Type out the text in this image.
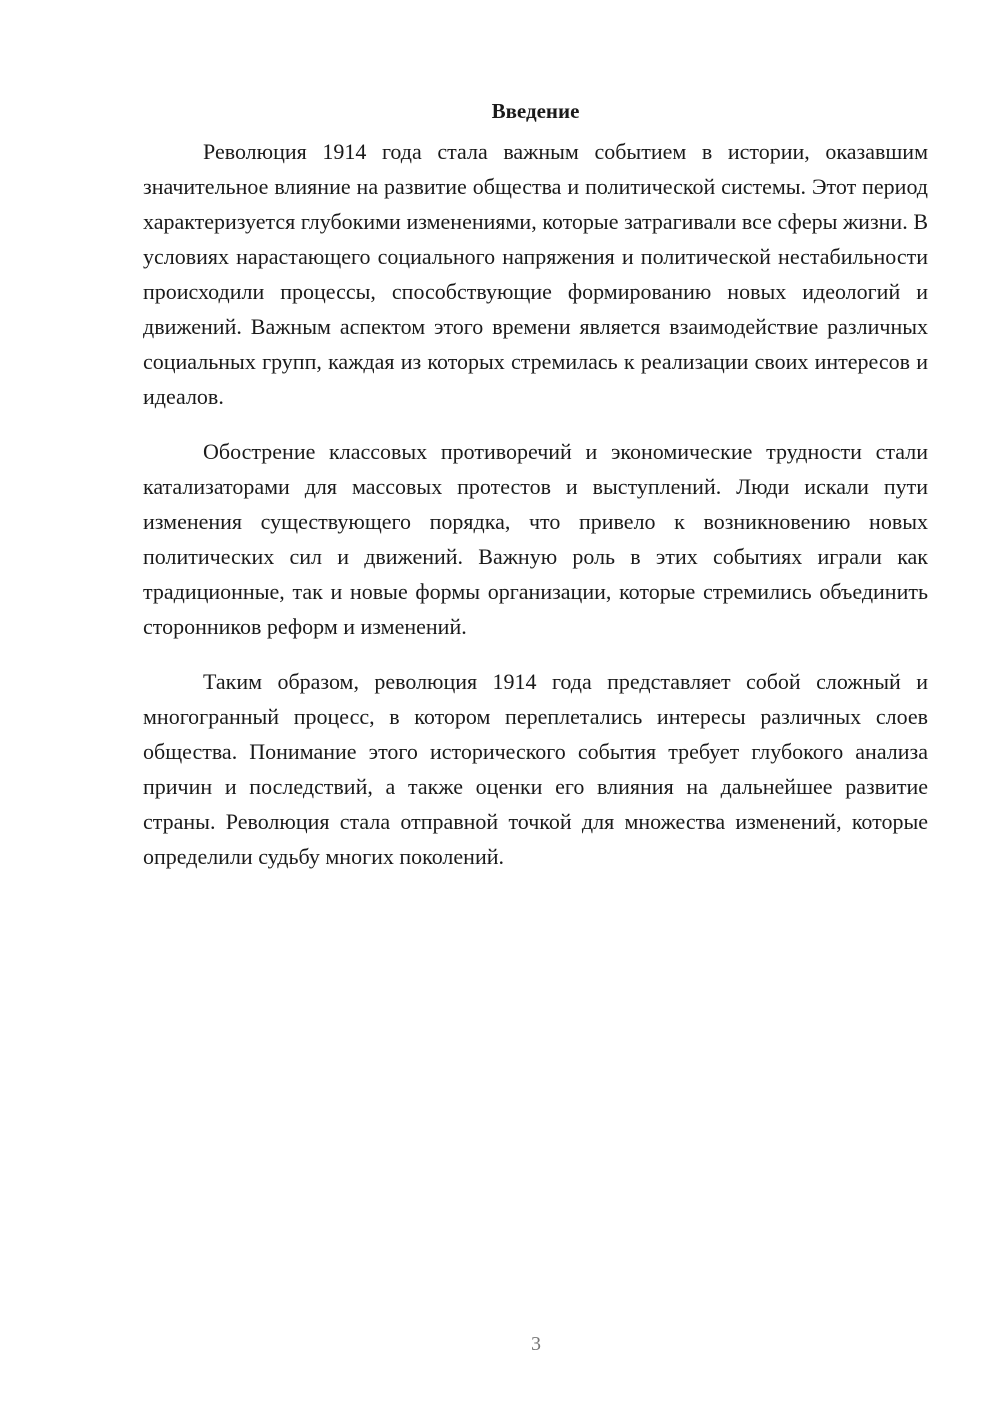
Введение

Революция 1914 года стала важным событием в истории, оказавшим значительное влияние на развитие общества и политической системы. Этот период характеризуется глубокими изменениями, которые затрагивали все сферы жизни. В условиях нарастающего социального напряжения и политической нестабильности происходили процессы, способствующие формированию новых идеологий и движений. Важным аспектом этого времени является взаимодействие различных социальных групп, каждая из которых стремилась к реализации своих интересов и идеалов.

Обострение классовых противоречий и экономические трудности стали катализаторами для массовых протестов и выступлений. Люди искали пути изменения существующего порядка, что привело к возникновению новых политических сил и движений. Важную роль в этих событиях играли как традиционные, так и новые формы организации, которые стремились объединить сторонников реформ и изменений.

Таким образом, революция 1914 года представляет собой сложный и многогранный процесс, в котором переплетались интересы различных слоев общества. Понимание этого исторического события требует глубокого анализа причин и последствий, а также оценки его влияния на дальнейшее развитие страны. Революция стала отправной точкой для множества изменений, которые определили судьбу многих поколений.

3
